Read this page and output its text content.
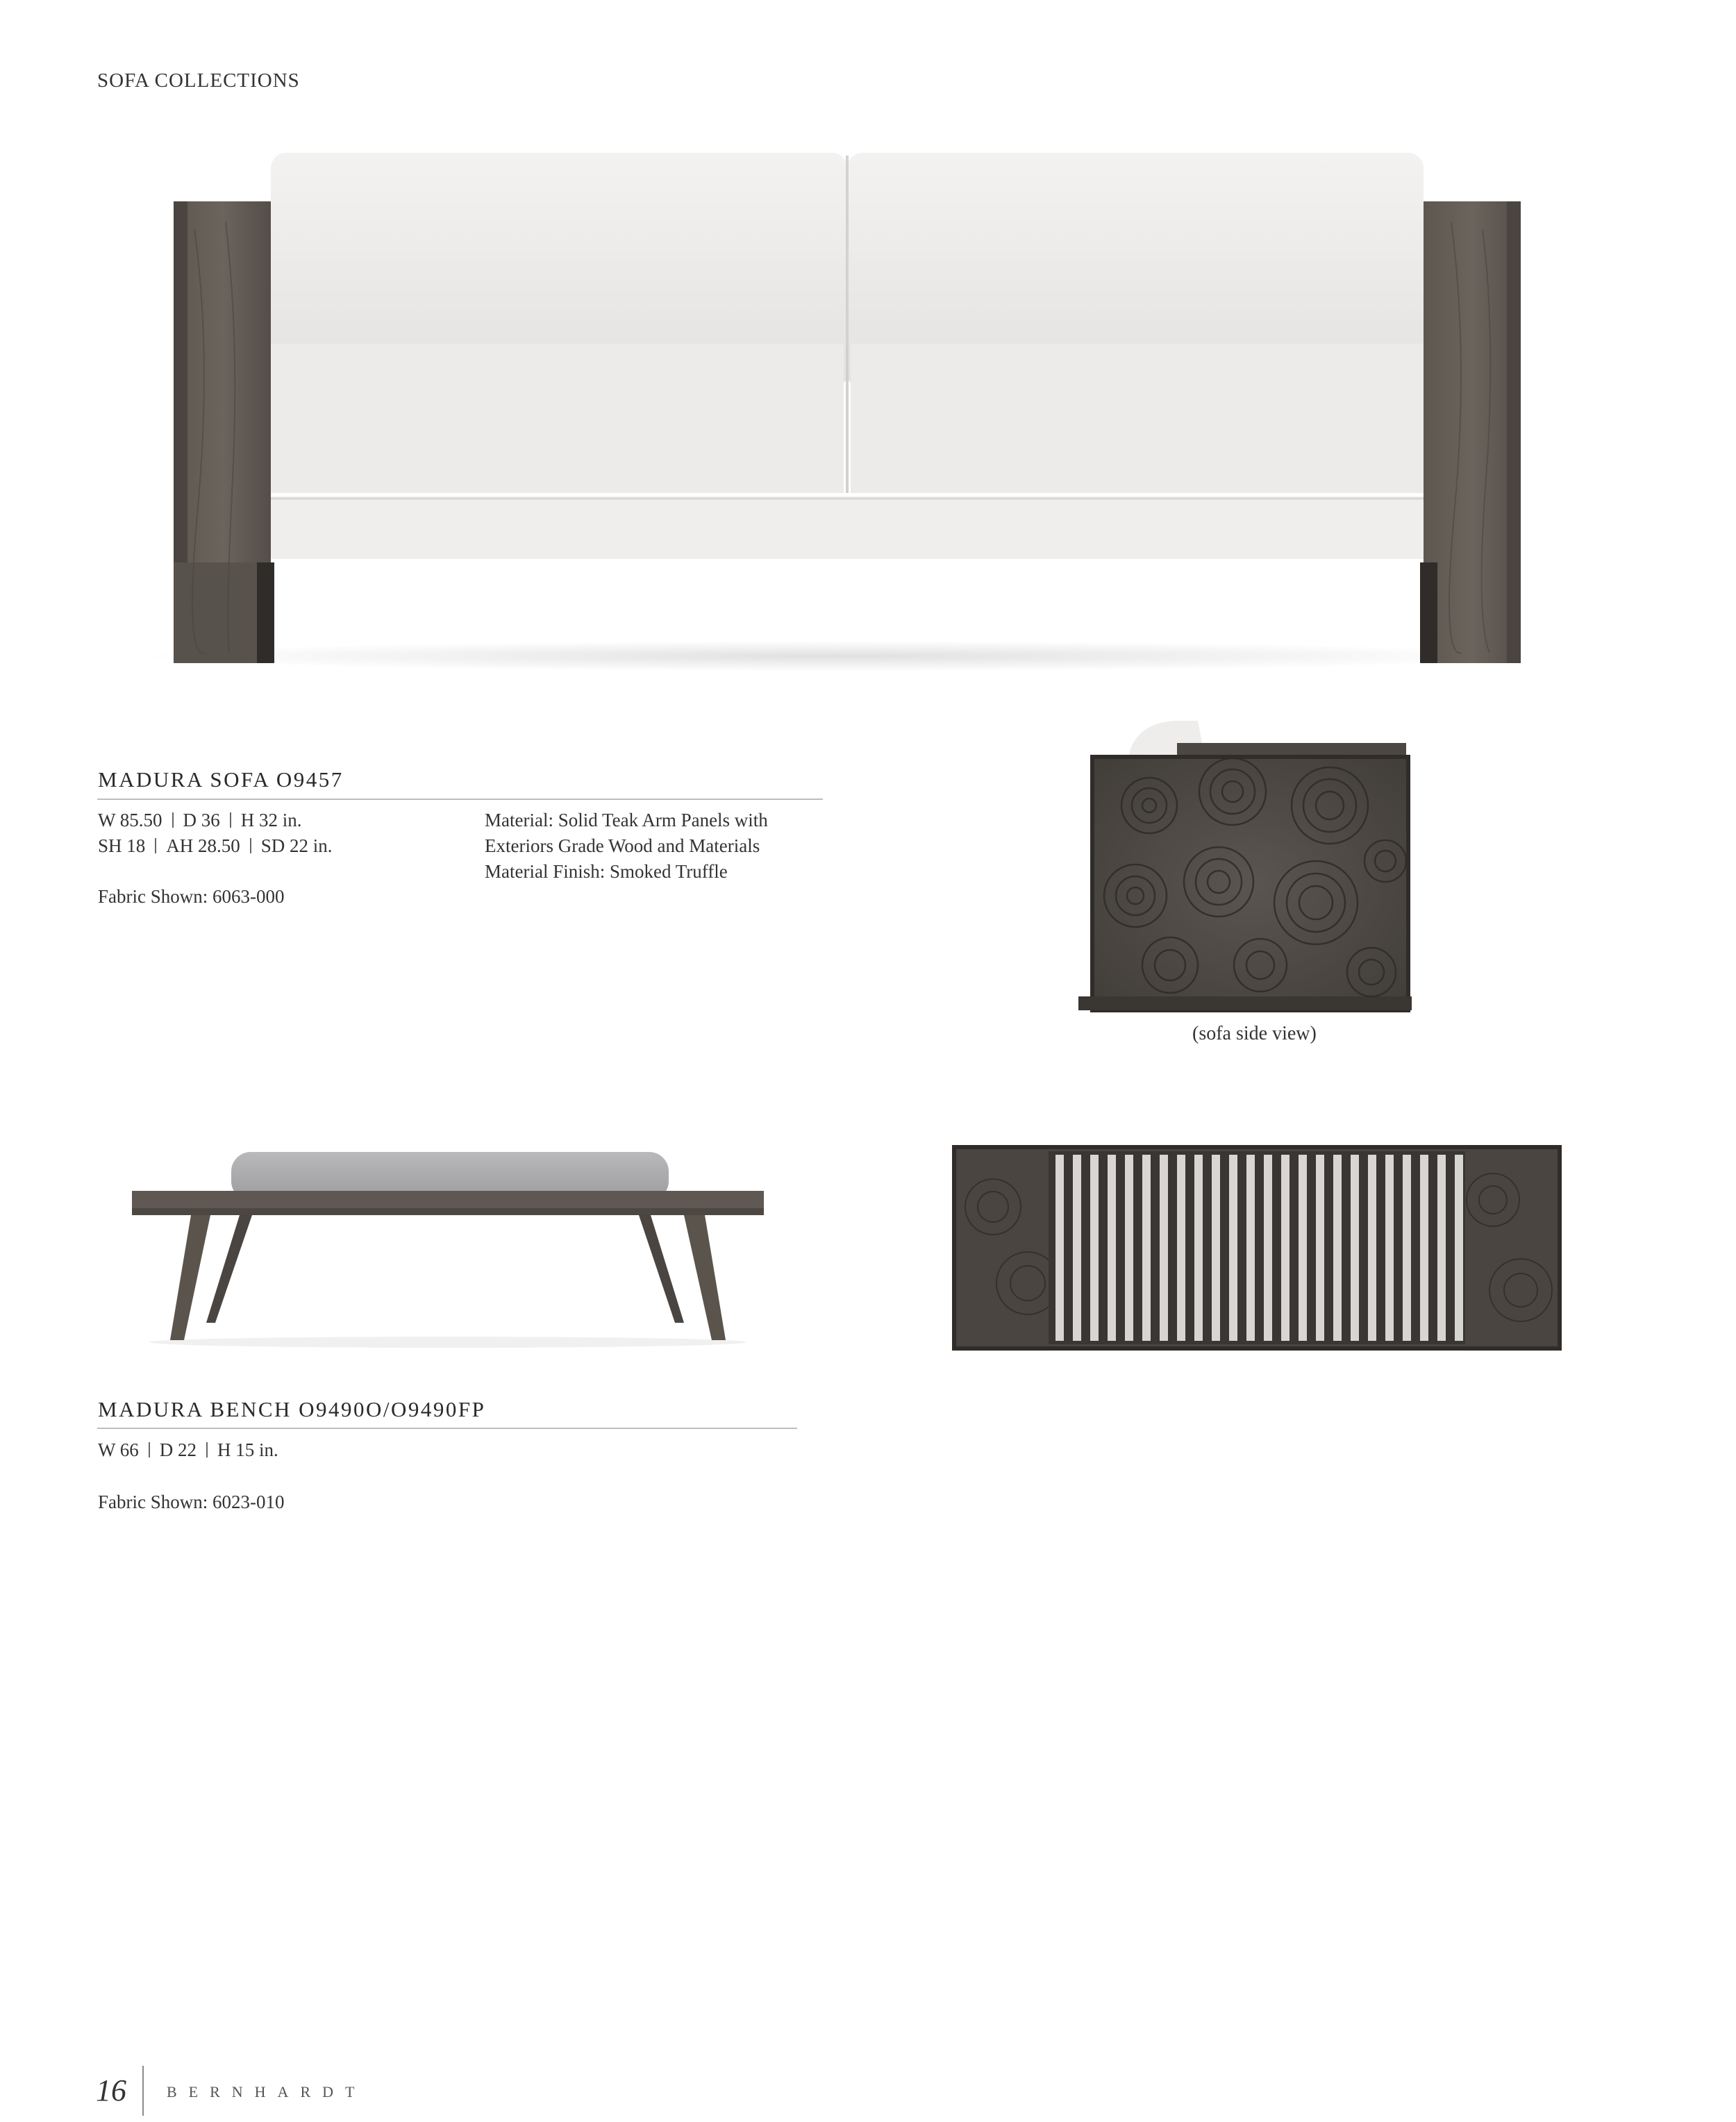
SOFA COLLECTIONS
MADURA SOFA O9457
W 85.50 D 36 H 32 in.
SH 18 AH 28.50 SD 22 in.
Fabric Shown: 6063-000
Material: Solid Teak Arm Panels with
Exteriors Grade Wood and Materials
Material Finish: Smoked Truffle
(sofa side view)
MADURA BENCH O9490O/O9490FP
W 66 D 22 H 15 in.
Fabric Shown: 6023-010
16	BERNHARDT
